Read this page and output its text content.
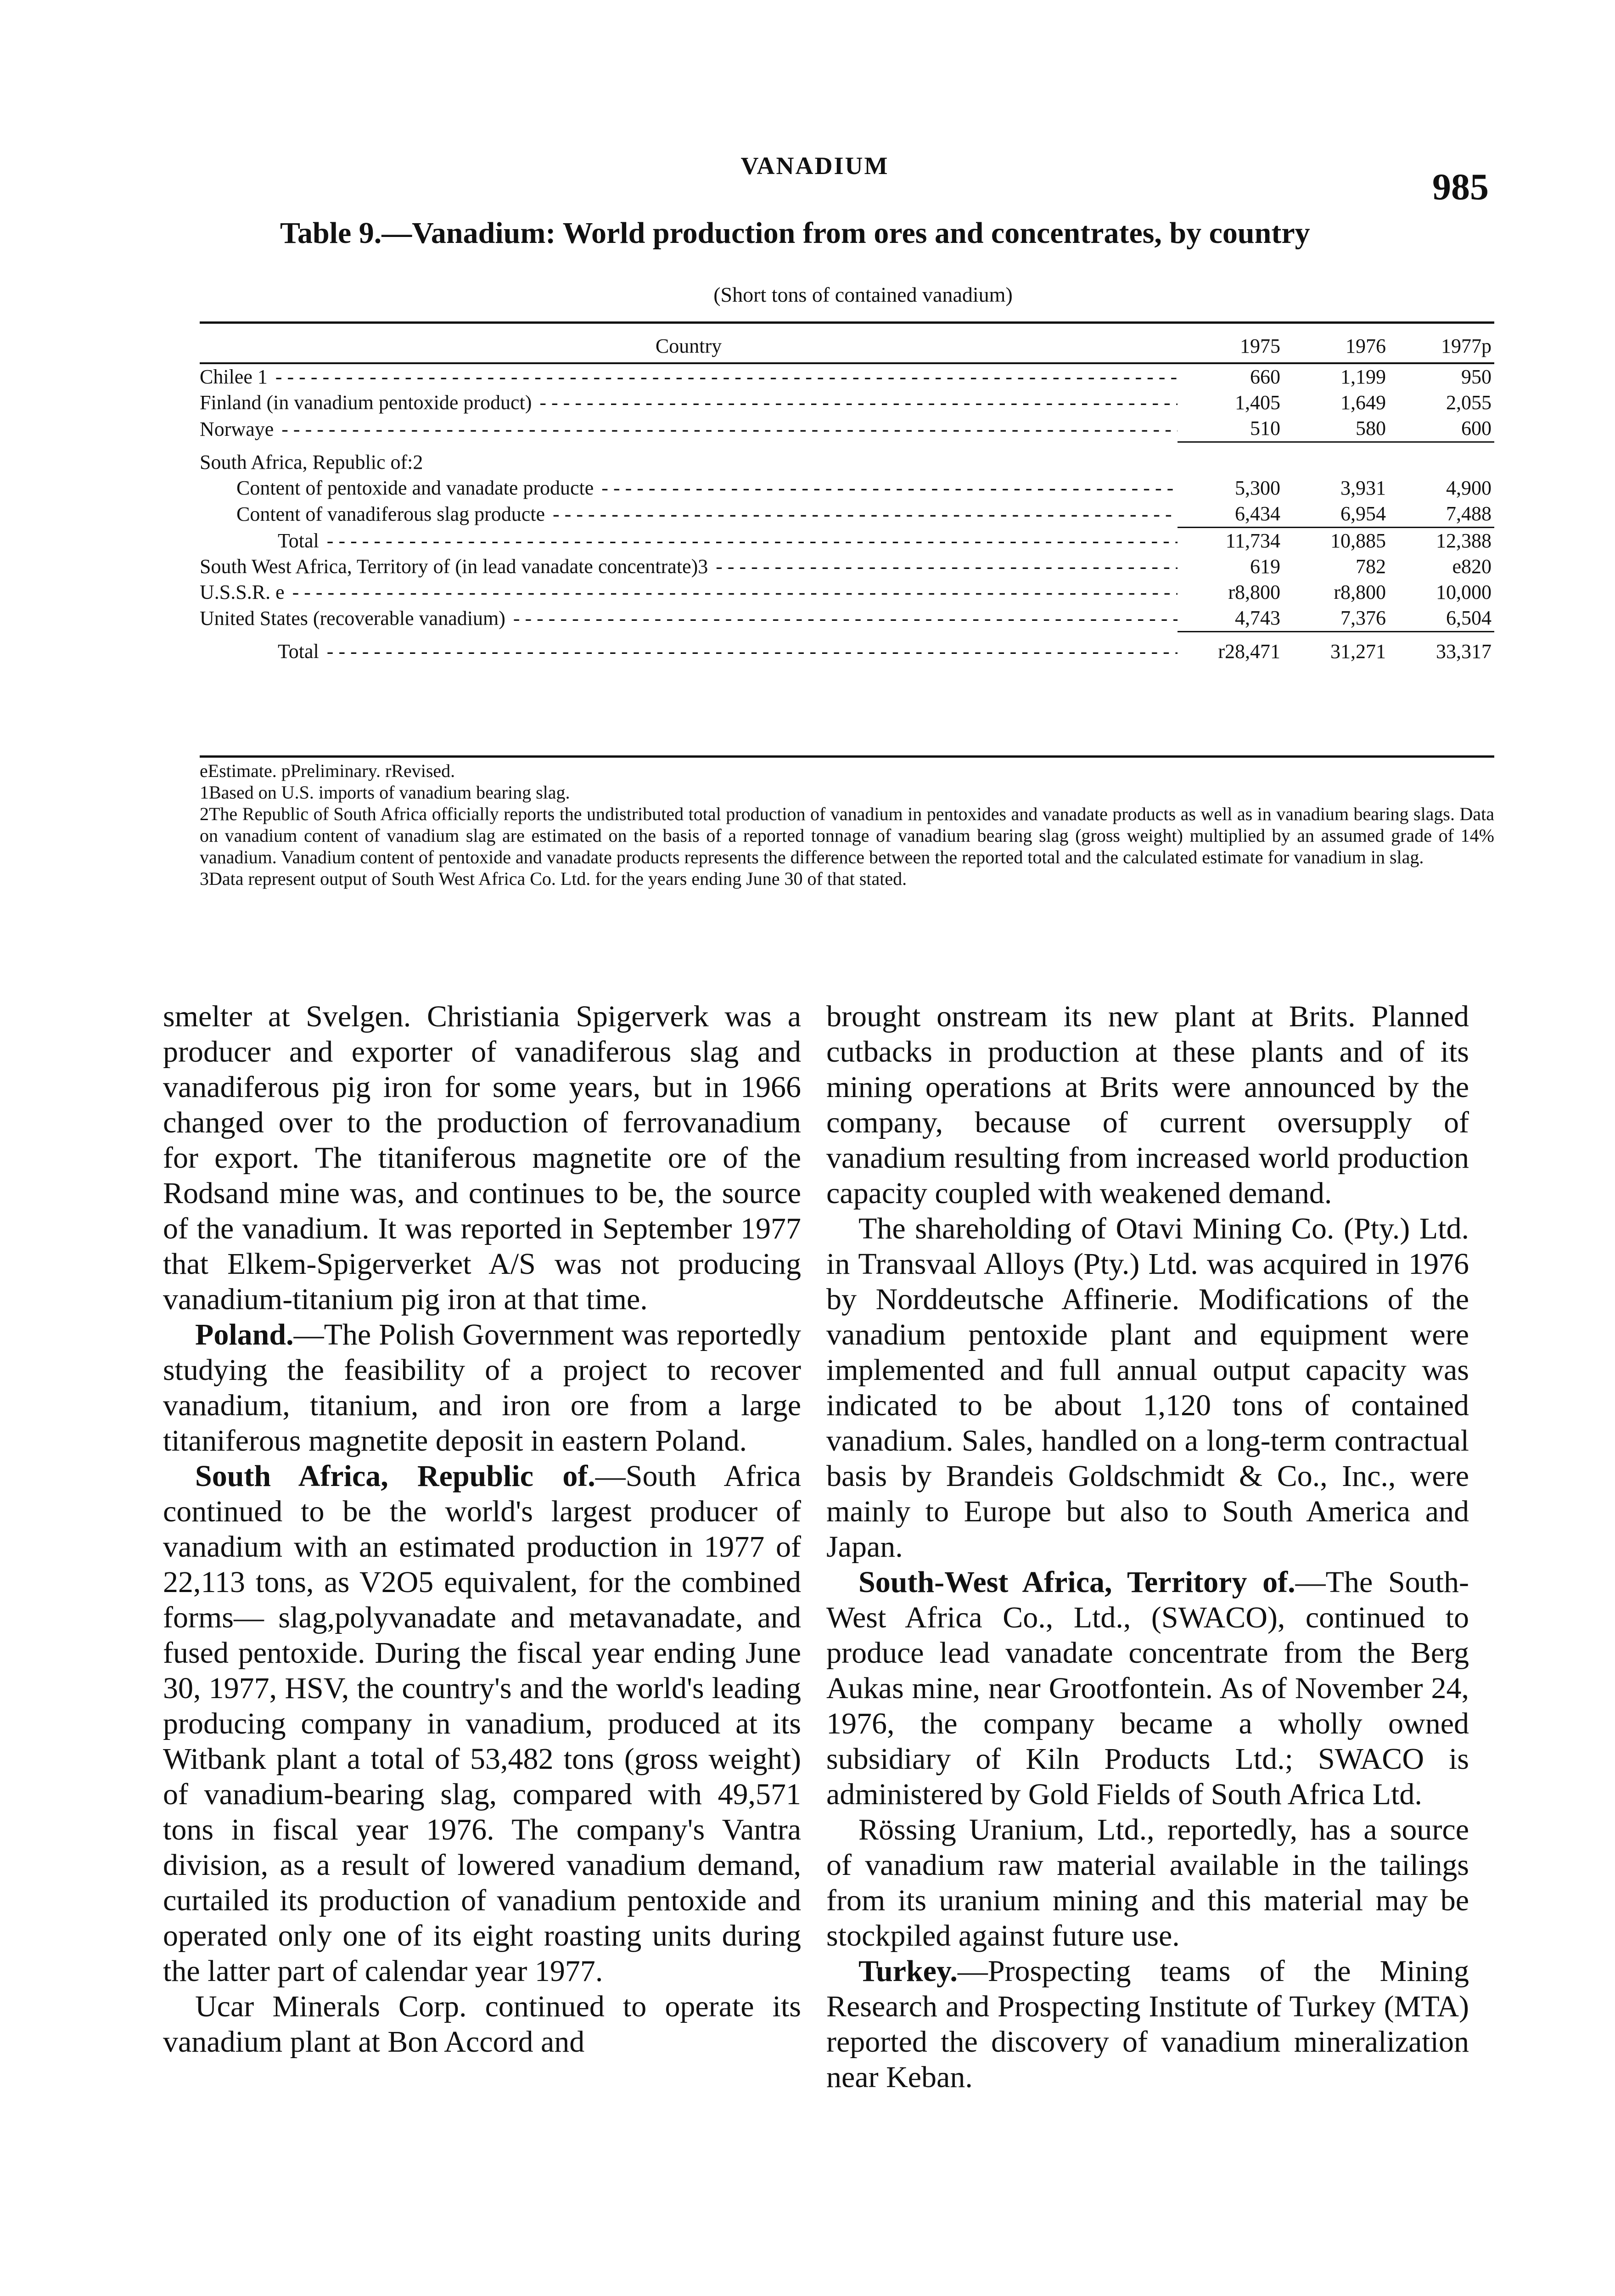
VANADIUM	985
Table 9.—Vanadium: World production from ores and concentrates, by country
(Short tons of contained vanadium)
Country	1975	1976	1977p
Chilee 1 - - -	660	1,199	950
Finland (in vanadium pentoxide product) - - -	1,405	1,649	2,055
Norwaye - - -	510	580	600
South Africa, Republic of:2			
Content of pentoxide and vanadate producte - - -	5,300	3,931	4,900
Content of vanadiferous slag producte - - -	6,434	6,954	7,488
Total - - -	11,734	10,885	12,388
South West Africa, Territory of (in lead vanadate concentrate)3 - - -	619	782	e820
U.S.S.R. e - - -	r8,800	r8,800	10,000
United States (recoverable vanadium) - - -	4,743	7,376	6,504
Total - - -	r28,471	31,271	33,317

eEstimate. pPreliminary. rRevised.

1Based on U.S. imports of vanadium bearing slag.

2The Republic of South Africa officially reports the undistributed total production of vanadium in pentoxides and vanadate products as well as in vanadium bearing slags. Data on vanadium content of vanadium slag are estimated on the basis of a reported tonnage of vanadium bearing slag (gross weight) multiplied by an assumed grade of 14% vanadium. Vanadium content of pentoxide and vanadate products represents the difference between the reported total and the calculated estimate for vanadium in slag.

3Data represent output of South West Africa Co. Ltd. for the years ending June 30 of that stated.

smelter at Svelgen. Christiania Spigerverk was a producer and exporter of vanadiferous slag and vanadiferous pig iron for some years, but in 1966 changed over to the production of ferrovanadium for export. The titaniferous magnetite ore of the Rodsand mine was, and continues to be, the source of the vanadium. It was reported in September 1977 that Elkem-Spigerverket A/S was not producing vanadium-titanium pig iron at that time.

Poland.—The Polish Government was reportedly studying the feasibility of a project to recover vanadium, titanium, and iron ore from a large titaniferous magnetite deposit in eastern Poland.

South Africa, Republic of.—South Africa continued to be the world's largest producer of vanadium with an estimated production in 1977 of 22,113 tons, as V2O5 equivalent, for the combined forms— slag,polyvanadate and metavanadate, and fused pentoxide. During the fiscal year ending June 30, 1977, HSV, the country's and the world's leading producing company in vanadium, produced at its Witbank plant a total of 53,482 tons (gross weight) of vanadium-bearing slag, compared with 49,571 tons in fiscal year 1976. The company's Vantra division, as a result of lowered vanadium demand, curtailed its production of vanadium pentoxide and operated only one of its eight roasting units during the latter part of calendar year 1977.

Ucar Minerals Corp. continued to operate its vanadium plant at Bon Accord and

brought onstream its new plant at Brits. Planned cutbacks in production at these plants and of its mining operations at Brits were announced by the company, because of current oversupply of vanadium resulting from increased world production capacity coupled with weakened demand.

The shareholding of Otavi Mining Co. (Pty.) Ltd. in Transvaal Alloys (Pty.) Ltd. was acquired in 1976 by Norddeutsche Affinerie. Modifications of the vanadium pentoxide plant and equipment were implemented and full annual output capacity was indicated to be about 1,120 tons of contained vanadium. Sales, handled on a long-term contractual basis by Brandeis Goldschmidt & Co., Inc., were mainly to Europe but also to South America and Japan.

South-West Africa, Territory of.—The South-West Africa Co., Ltd., (SWACO), continued to produce lead vanadate concentrate from the Berg Aukas mine, near Grootfontein. As of November 24, 1976, the company became a wholly owned subsidiary of Kiln Products Ltd.; SWACO is administered by Gold Fields of South Africa Ltd.

Rössing Uranium, Ltd., reportedly, has a source of vanadium raw material available in the tailings from its uranium mining and this material may be stockpiled against future use.

Turkey.—Prospecting teams of the Mining Research and Prospecting Institute of Turkey (MTA) reported the discovery of vanadium mineralization near Keban.
